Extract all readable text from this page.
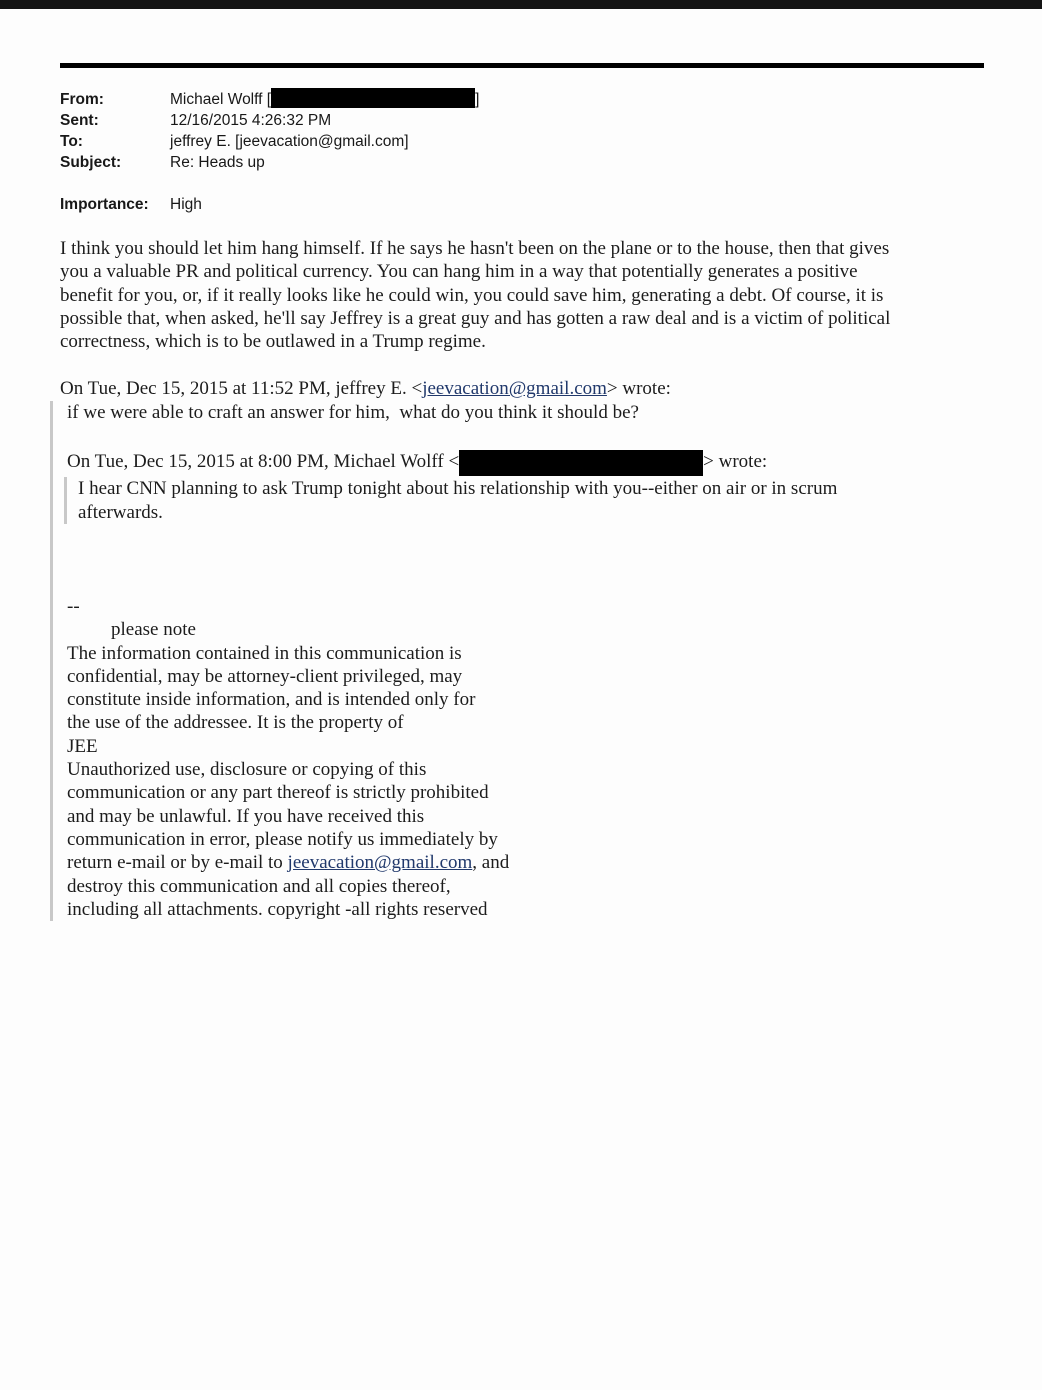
From:	Michael Wolff [	]
Sent:	12/16/2015 4:26:32 PM
To:	jeffrey E. [jeevacation@gmail.com]
Subject:	Re: Heads up
Importance:	High
I think you should let him hang himself. If he says he hasn't been on the plane or to the house, then that gives
you a valuable PR and political currency. You can hang him in a way that potentially generates a positive
benefit for you, or, if it really looks like he could win, you could save him, generating a debt. Of course, it is
possible that, when asked, he'll say Jeffrey is a great guy and has gotten a raw deal and is a victim of political
correctness, which is to be outlawed in a Trump regime.
On Tue, Dec 15, 2015 at 11:52 PM, jeffrey E. <jeevacation@gmail.com> wrote:
if we were able to craft an answer for him,  what do you think it should be?
On Tue, Dec 15, 2015 at 8:00 PM, Michael Wolff <	> wrote:
I hear CNN planning to ask Trump tonight about his relationship with you--either on air or in scrum
afterwards.
--
please note
The information contained in this communication is
confidential, may be attorney-client privileged, may
constitute inside information, and is intended only for
the use of the addressee. It is the property of
JEE
Unauthorized use, disclosure or copying of this
communication or any part thereof is strictly prohibited
and may be unlawful. If you have received this
communication in error, please notify us immediately by
return e-mail or by e-mail to jeevacation@gmail.com, and
destroy this communication and all copies thereof,
including all attachments. copyright -all rights reserved
